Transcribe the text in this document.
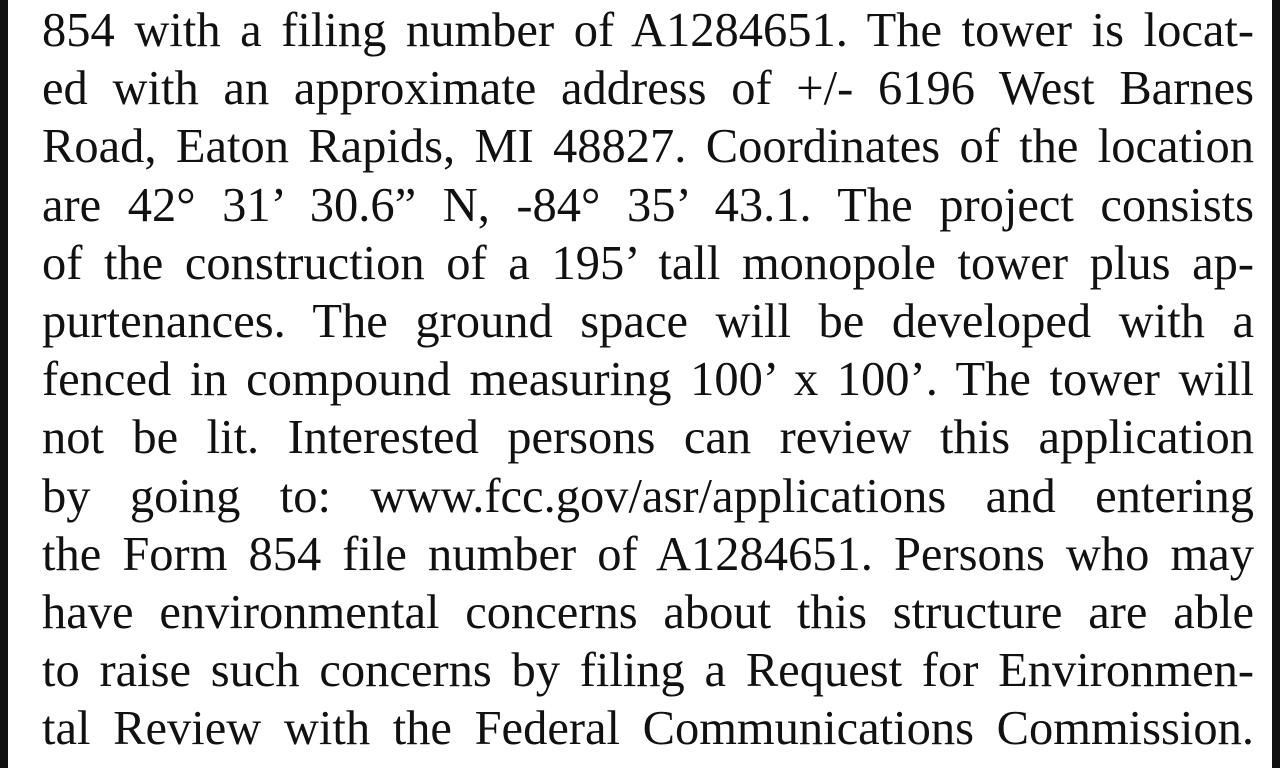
854 with a filing number of A1284651. The tower is locat-
ed with an approximate address of +/- 6196 West Barnes
Road, Eaton Rapids, MI 48827. Coordinates of the location
are 42° 31’ 30.6” N, -84° 35’ 43.1. The project consists
of the construction of a 195’ tall monopole tower plus ap-
purtenances. The ground space will be developed with a
fenced in compound measuring 100’ x 100’. The tower will
not be lit. Interested persons can review this application
by going to: www.fcc.gov/asr/applications and entering
the Form 854 file number of A1284651. Persons who may
have environmental concerns about this structure are able
to raise such concerns by filing a Request for Environmen-
tal Review with the Federal Communications Commission.
